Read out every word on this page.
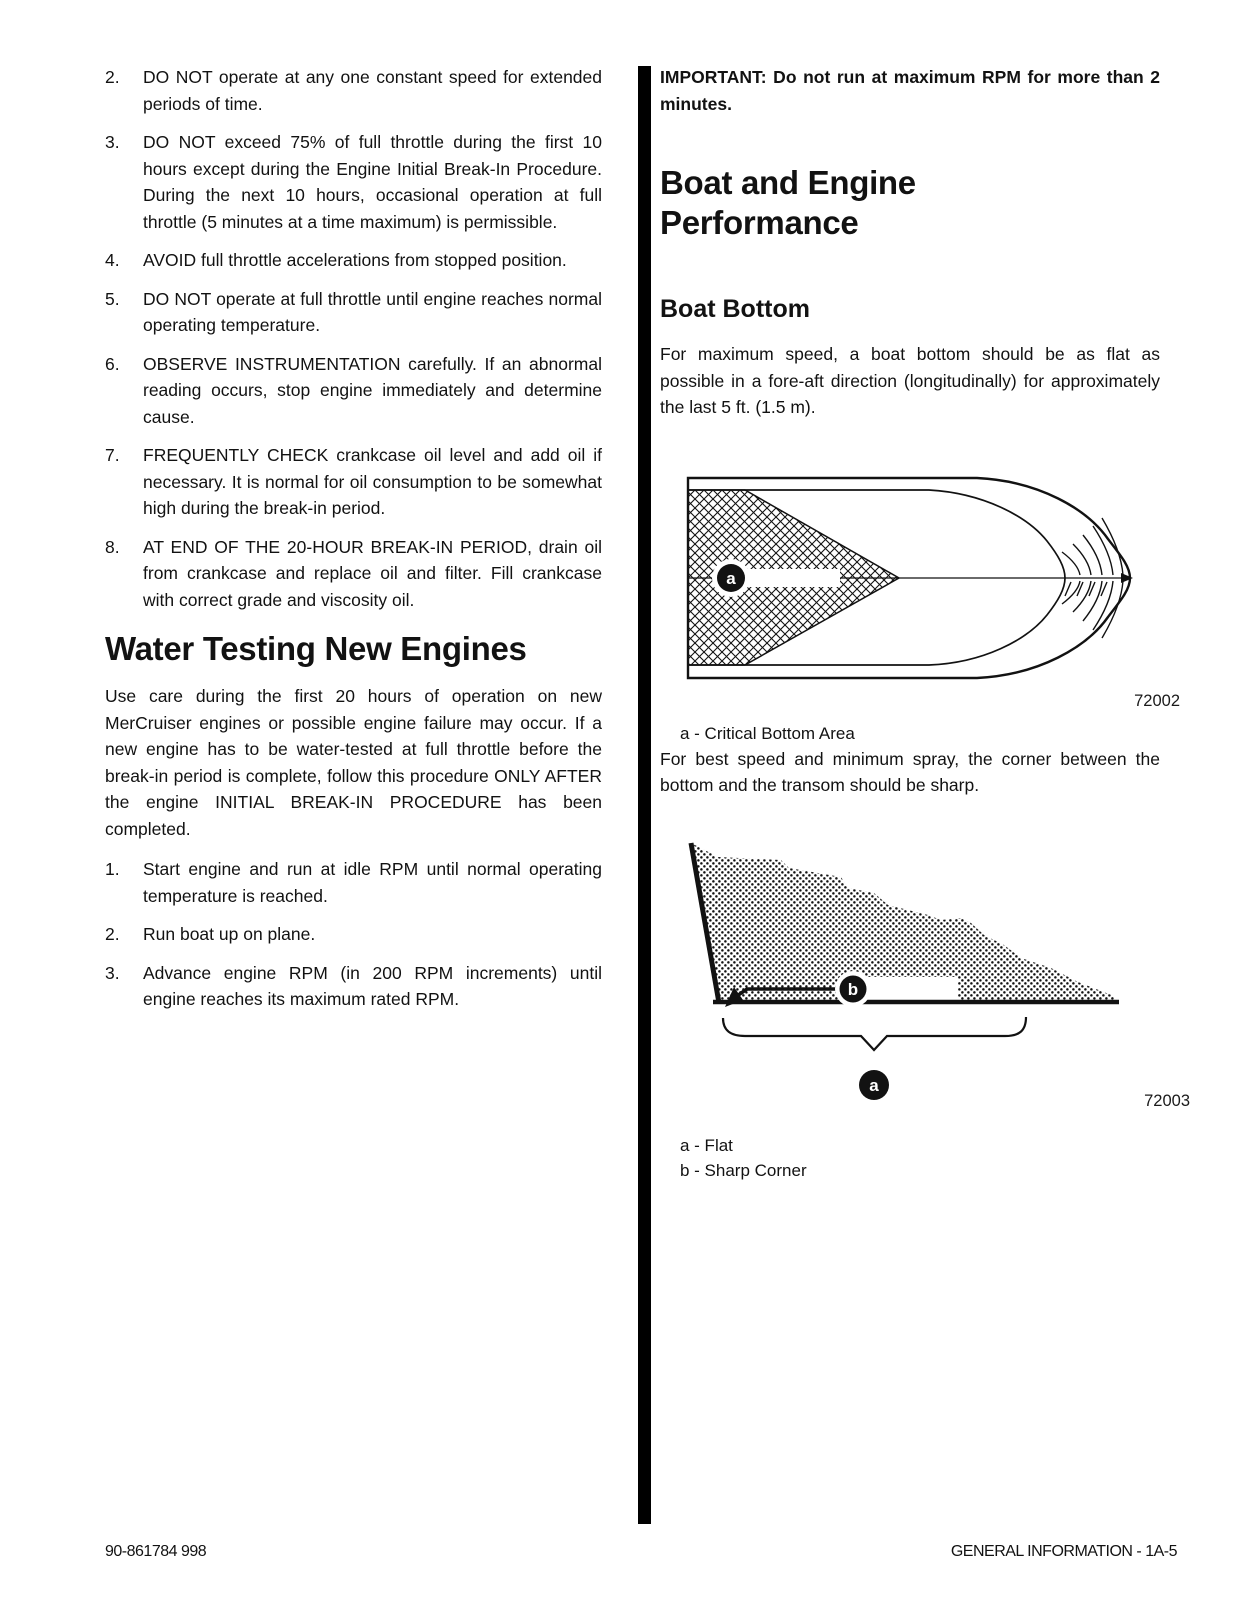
2.	DO NOT operate at any one constant speed for extended periods of time.
3.	DO NOT exceed 75% of full throttle during the first 10 hours except during the Engine Initial Break-In Procedure. During the next 10 hours, occasional operation at full throttle (5 minutes at a time maximum) is permissible.
4.	AVOID full throttle accelerations from stopped position.
5.	DO NOT operate at full throttle until engine reaches normal operating temperature.
6.	OBSERVE INSTRUMENTATION carefully. If an abnormal reading occurs, stop engine immediately and determine cause.
7.	FREQUENTLY CHECK crankcase oil level and add oil if necessary. It is normal for oil consumption to be somewhat high during the break-in period.
8.	AT END OF THE 20-HOUR BREAK-IN PERIOD, drain oil from crankcase and replace oil and filter. Fill crankcase with correct grade and viscosity oil.
Water Testing New Engines

Use care during the first 20 hours of operation on new MerCruiser engines or possible engine failure may occur. If a new engine has to be water-tested at full throttle before the break-in period is complete, follow this procedure ONLY AFTER the engine INITIAL BREAK-IN PROCEDURE has been completed.

1.	Start engine and run at idle RPM until normal operating temperature is reached.
2.	Run boat up on plane.
3.	Advance engine RPM (in 200 RPM increments) until engine reaches its maximum rated RPM.

IMPORTANT: Do not run at maximum RPM for more than 2 minutes.

Boat and Engine Performance
Boat Bottom

For maximum speed, a boat bottom should be as flat as possible in a fore-aft direction (longitudinally) for approximately the last 5 ft. (1.5 m).

a
72002
a - Critical Bottom Area

For best speed and minimum spray, the corner between the bottom and the transom should be sharp.

b
a
72003
a - Flat
b - Sharp Corner
90-861784 998	GENERAL INFORMATION - 1A-5
